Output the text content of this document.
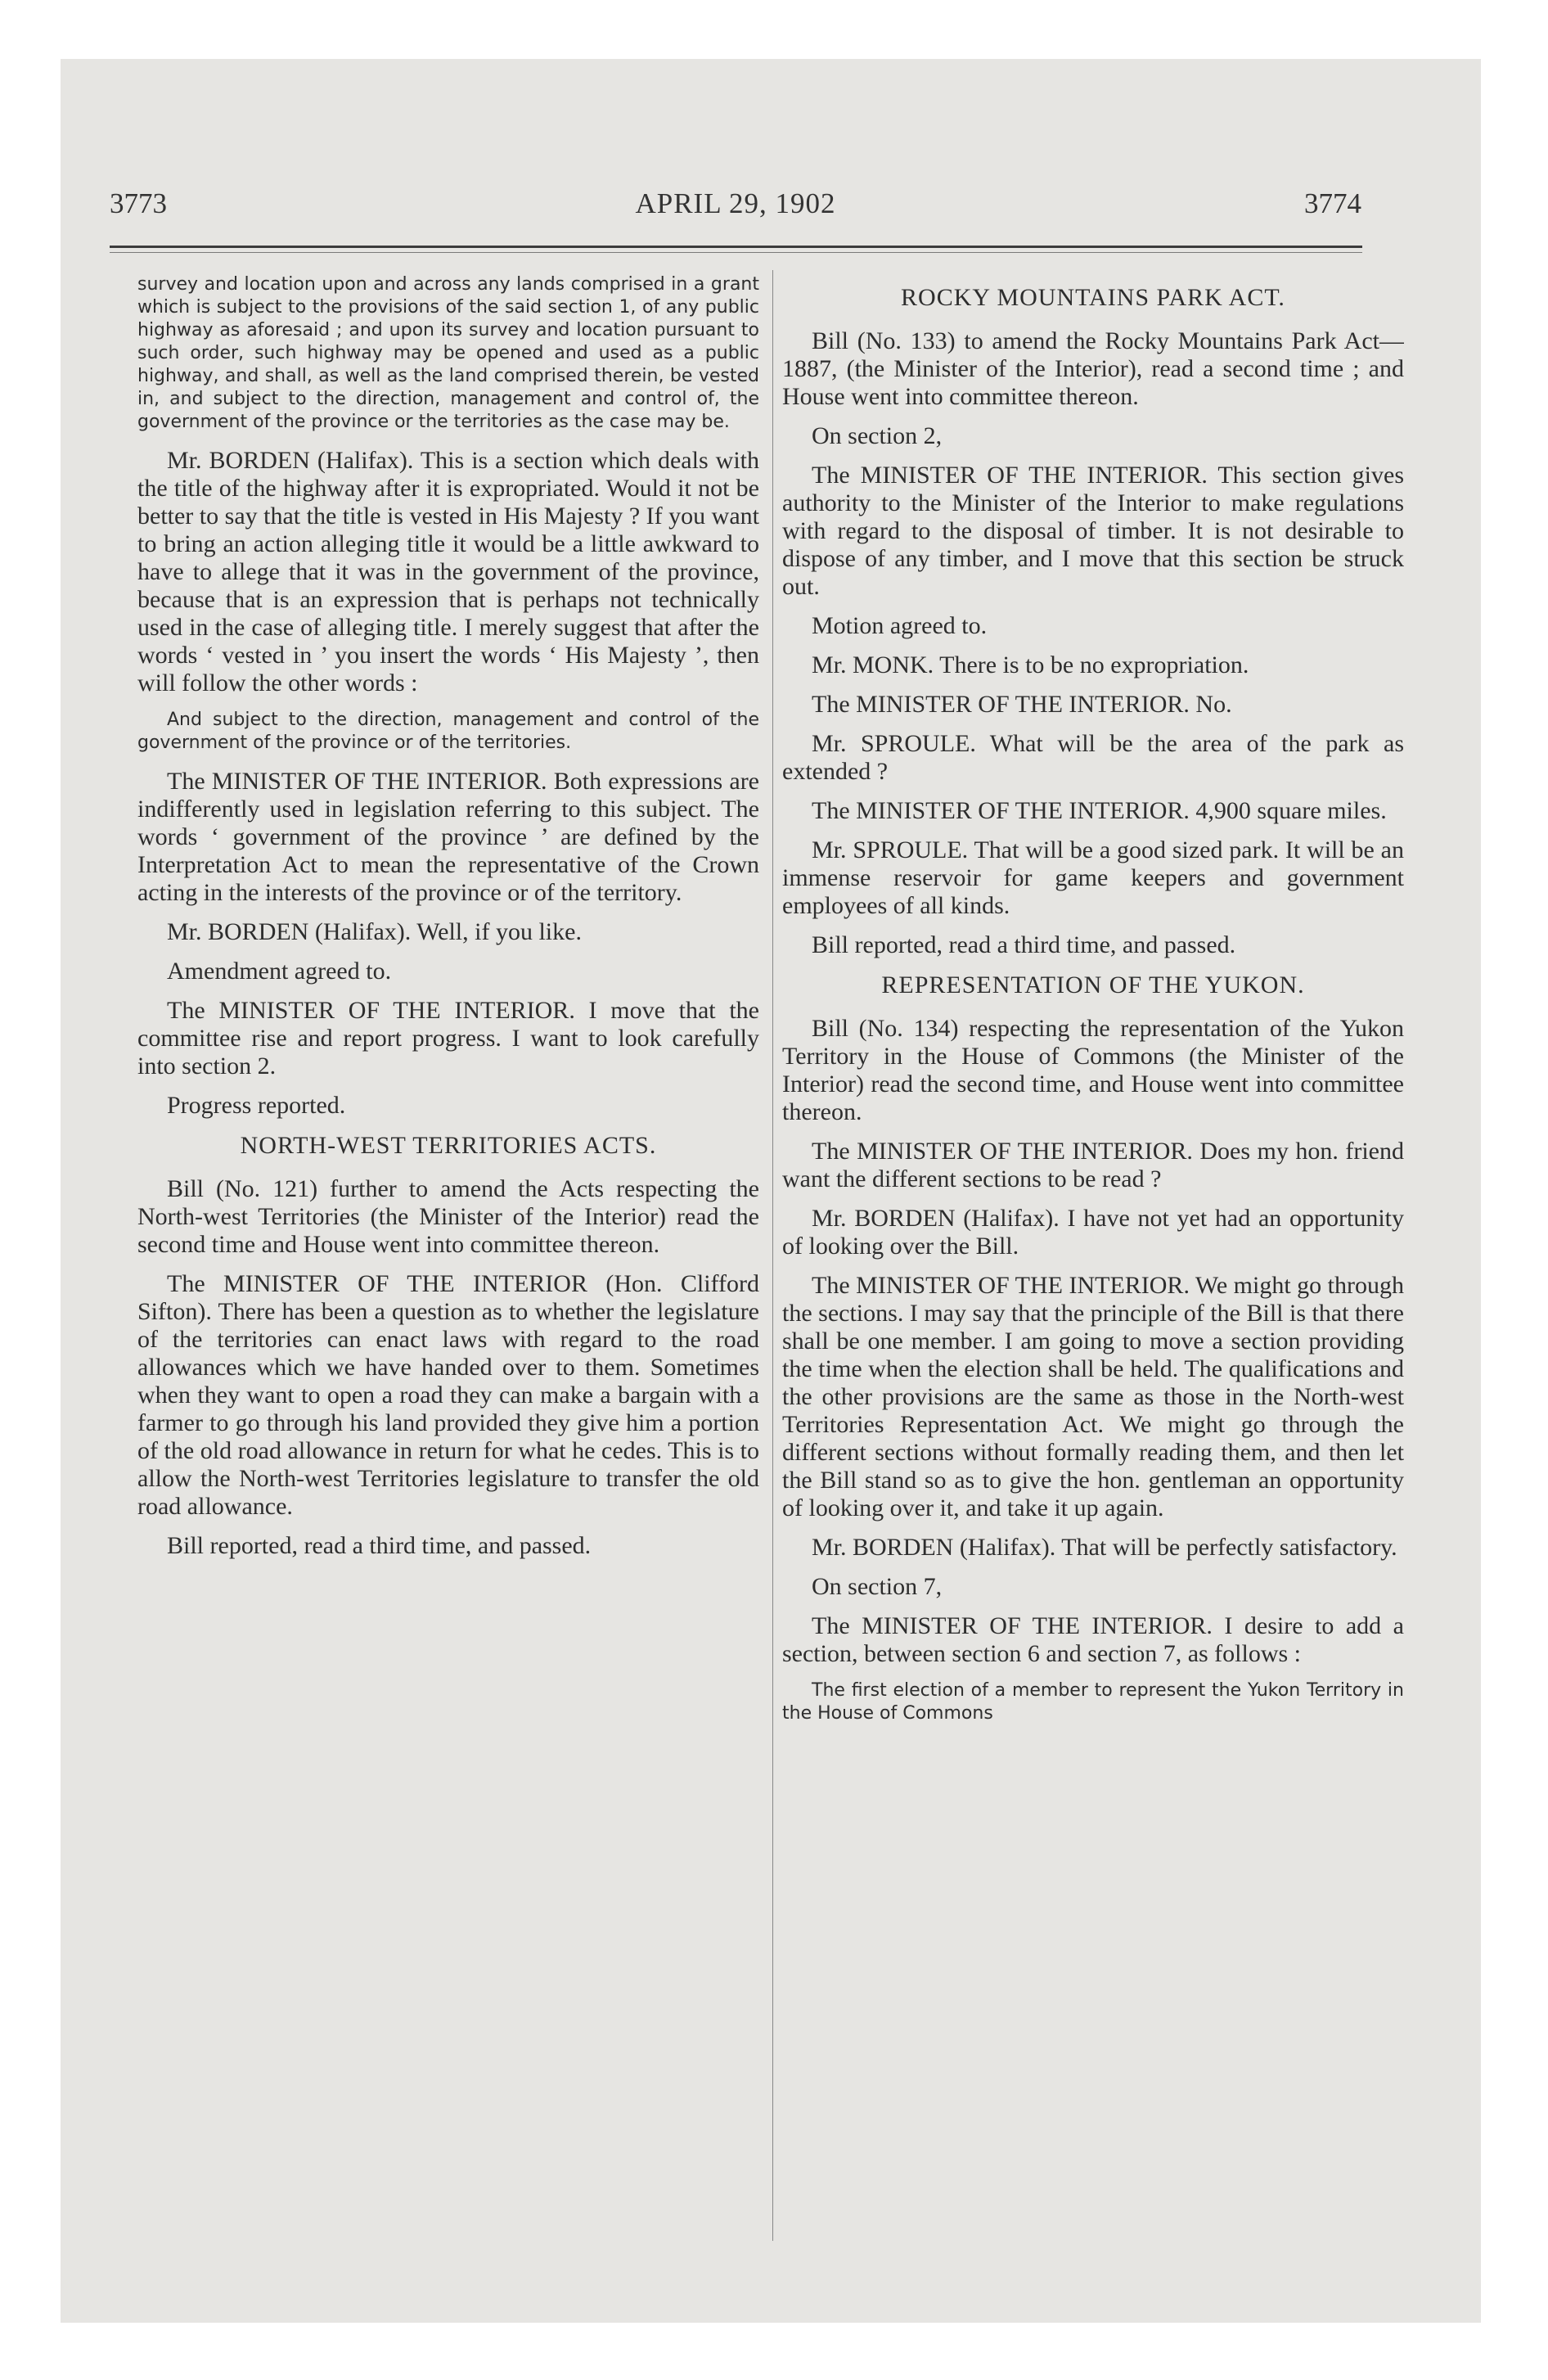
3773	APRIL 29, 1902	3774

survey and location upon and across any lands comprised in a grant which is subject to the provisions of the said section 1, of any public highway as aforesaid ; and upon its survey and location pursuant to such order, such highway may be opened and used as a public highway, and shall, as well as the land comprised therein, be vested in, and subject to the direction, management and control of, the government of the province or the territories as the case may be.

Mr. BORDEN (Halifax). This is a section which deals with the title of the highway after it is expropriated. Would it not be better to say that the title is vested in His Majesty ? If you want to bring an action alleging title it would be a little awkward to have to allege that it was in the government of the province, because that is an expression that is perhaps not technically used in the case of alleging title. I merely suggest that after the words ‘ vested in ’ you insert the words ‘ His Majesty ’, then will follow the other words :

And subject to the direction, management and control of the government of the province or of the territories.

The MINISTER OF THE INTERIOR. Both expressions are indifferently used in legislation referring to this subject. The words ‘ government of the province ’ are defined by the Interpretation Act to mean the representative of the Crown acting in the interests of the province or of the territory.

Mr. BORDEN (Halifax). Well, if you like.

Amendment agreed to.

The MINISTER OF THE INTERIOR. I move that the committee rise and report progress. I want to look carefully into section 2.

Progress reported.

NORTH-WEST TERRITORIES ACTS.

Bill (No. 121) further to amend the Acts respecting the North-west Territories (the Minister of the Interior) read the second time and House went into committee thereon.

The MINISTER OF THE INTERIOR (Hon. Clifford Sifton). There has been a question as to whether the legislature of the territories can enact laws with regard to the road allowances which we have handed over to them. Sometimes when they want to open a road they can make a bargain with a farmer to go through his land provided they give him a portion of the old road allowance in return for what he cedes. This is to allow the North-west Territories legislature to transfer the old road allowance.

Bill reported, read a third time, and passed.

ROCKY MOUNTAINS PARK ACT.

Bill (No. 133) to amend the Rocky Mountains Park Act—1887, (the Minister of the Interior), read a second time ; and House went into committee thereon.

On section 2,

The MINISTER OF THE INTERIOR. This section gives authority to the Minister of the Interior to make regulations with regard to the disposal of timber. It is not desirable to dispose of any timber, and I move that this section be struck out.

Motion agreed to.

Mr. MONK. There is to be no expropriation.

The MINISTER OF THE INTERIOR. No.

Mr. SPROULE. What will be the area of the park as extended ?

The MINISTER OF THE INTERIOR. 4,900 square miles.

Mr. SPROULE. That will be a good sized park. It will be an immense reservoir for game keepers and government employees of all kinds.

Bill reported, read a third time, and passed.

REPRESENTATION OF THE YUKON.

Bill (No. 134) respecting the representation of the Yukon Territory in the House of Commons (the Minister of the Interior) read the second time, and House went into committee thereon.

The MINISTER OF THE INTERIOR. Does my hon. friend want the different sections to be read ?

Mr. BORDEN (Halifax). I have not yet had an opportunity of looking over the Bill.

The MINISTER OF THE INTERIOR. We might go through the sections. I may say that the principle of the Bill is that there shall be one member. I am going to move a section providing the time when the election shall be held. The qualifications and the other provisions are the same as those in the North-west Territories Representation Act. We might go through the different sections without formally reading them, and then let the Bill stand so as to give the hon. gentleman an opportunity of looking over it, and take it up again.

Mr. BORDEN (Halifax). That will be perfectly satisfactory.

On section 7,

The MINISTER OF THE INTERIOR. I desire to add a section, between section 6 and section 7, as follows :

The first election of a member to represent the Yukon Territory in the House of Commons
